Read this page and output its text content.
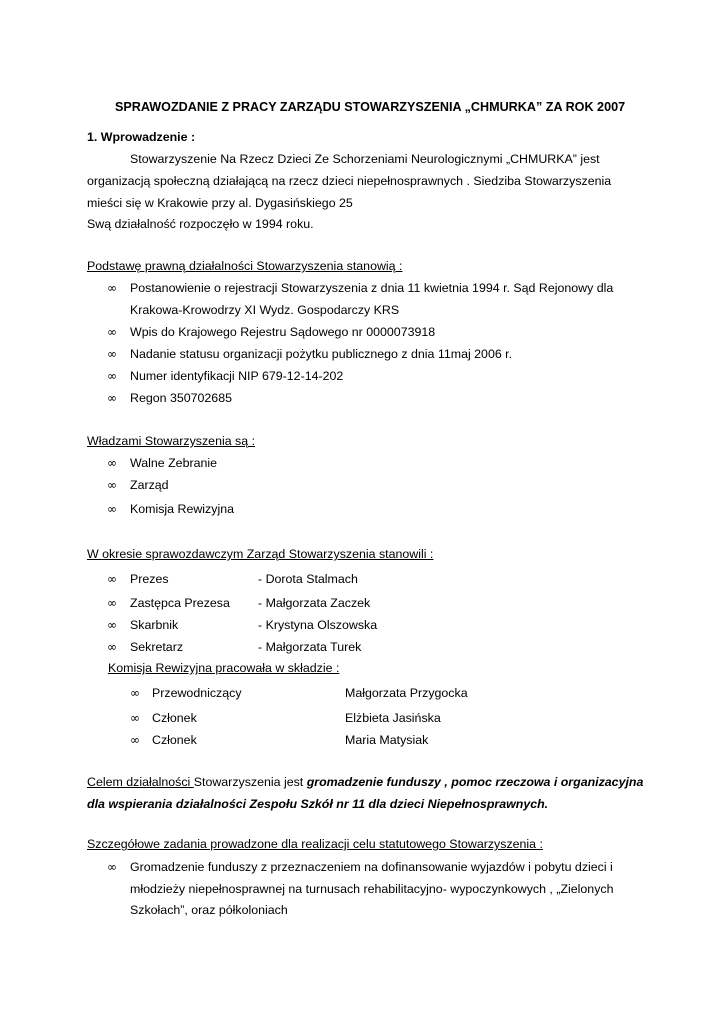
SPRAWOZDANIE Z PRACY ZARZĄDU STOWARZYSZENIA „CHMURKA” ZA ROK 2007
1. Wprowadzenie :
Stowarzyszenie Na Rzecz Dzieci Ze Schorzeniami Neurologicznymi „CHMURKA” jest
organizacją społeczną działającą na rzecz dzieci niepełnosprawnych . Siedziba Stowarzyszenia
mieści się w Krakowie przy al. Dygasińskiego 25
Swą działalność rozpoczęło w 1994 roku.
Podstawę prawną działalności Stowarzyszenia stanowią :
∞ Postanowienie o rejestracji Stowarzyszenia z dnia 11 kwietnia 1994 r. Sąd Rejonowy dla
Krakowa-Krowodrzy XI Wydz. Gospodarczy KRS
∞ Wpis do Krajowego Rejestru Sądowego nr 0000073918
∞ Nadanie statusu organizacji pożytku publicznego z dnia 11maj 2006 r.
∞ Numer identyfikacji NIP 679-12-14-202
∞ Regon 350702685
Władzami Stowarzyszenia są :
∞ Walne Zebranie
∞ Zarząd
∞ Komisja Rewizyjna
W okresie sprawozdawczym Zarząd Stowarzyszenia stanowili :
∞ Prezes	- Dorota Stalmach
∞ Zastępca Prezesa - Małgorzata Zaczek
∞ Skarbnik	- Krystyna Olszowska
∞ Sekretarz	- Małgorzata Turek
Komisja Rewizyjna pracowała w składzie :
∞ Przewodniczący	Małgorzata Przygocka
∞ Członek	Elżbieta Jasińska
∞ Członek	Maria Matysiak
Celem działalności Stowarzyszenia jest gromadzenie funduszy , pomoc rzeczowa i organizacyjna
dla wspierania działalności Zespołu Szkół nr 11 dla dzieci Niepełnosprawnych.
Szczegółowe zadania prowadzone dla realizacji celu statutowego Stowarzyszenia :
∞ Gromadzenie funduszy z przeznaczeniem na dofinansowanie wyjazdów i pobytu dzieci i
młodzieży niepełnosprawnej na turnusach rehabilitacyjno- wypoczynkowych , „Zielonych
Szkołach”, oraz półkoloniach
